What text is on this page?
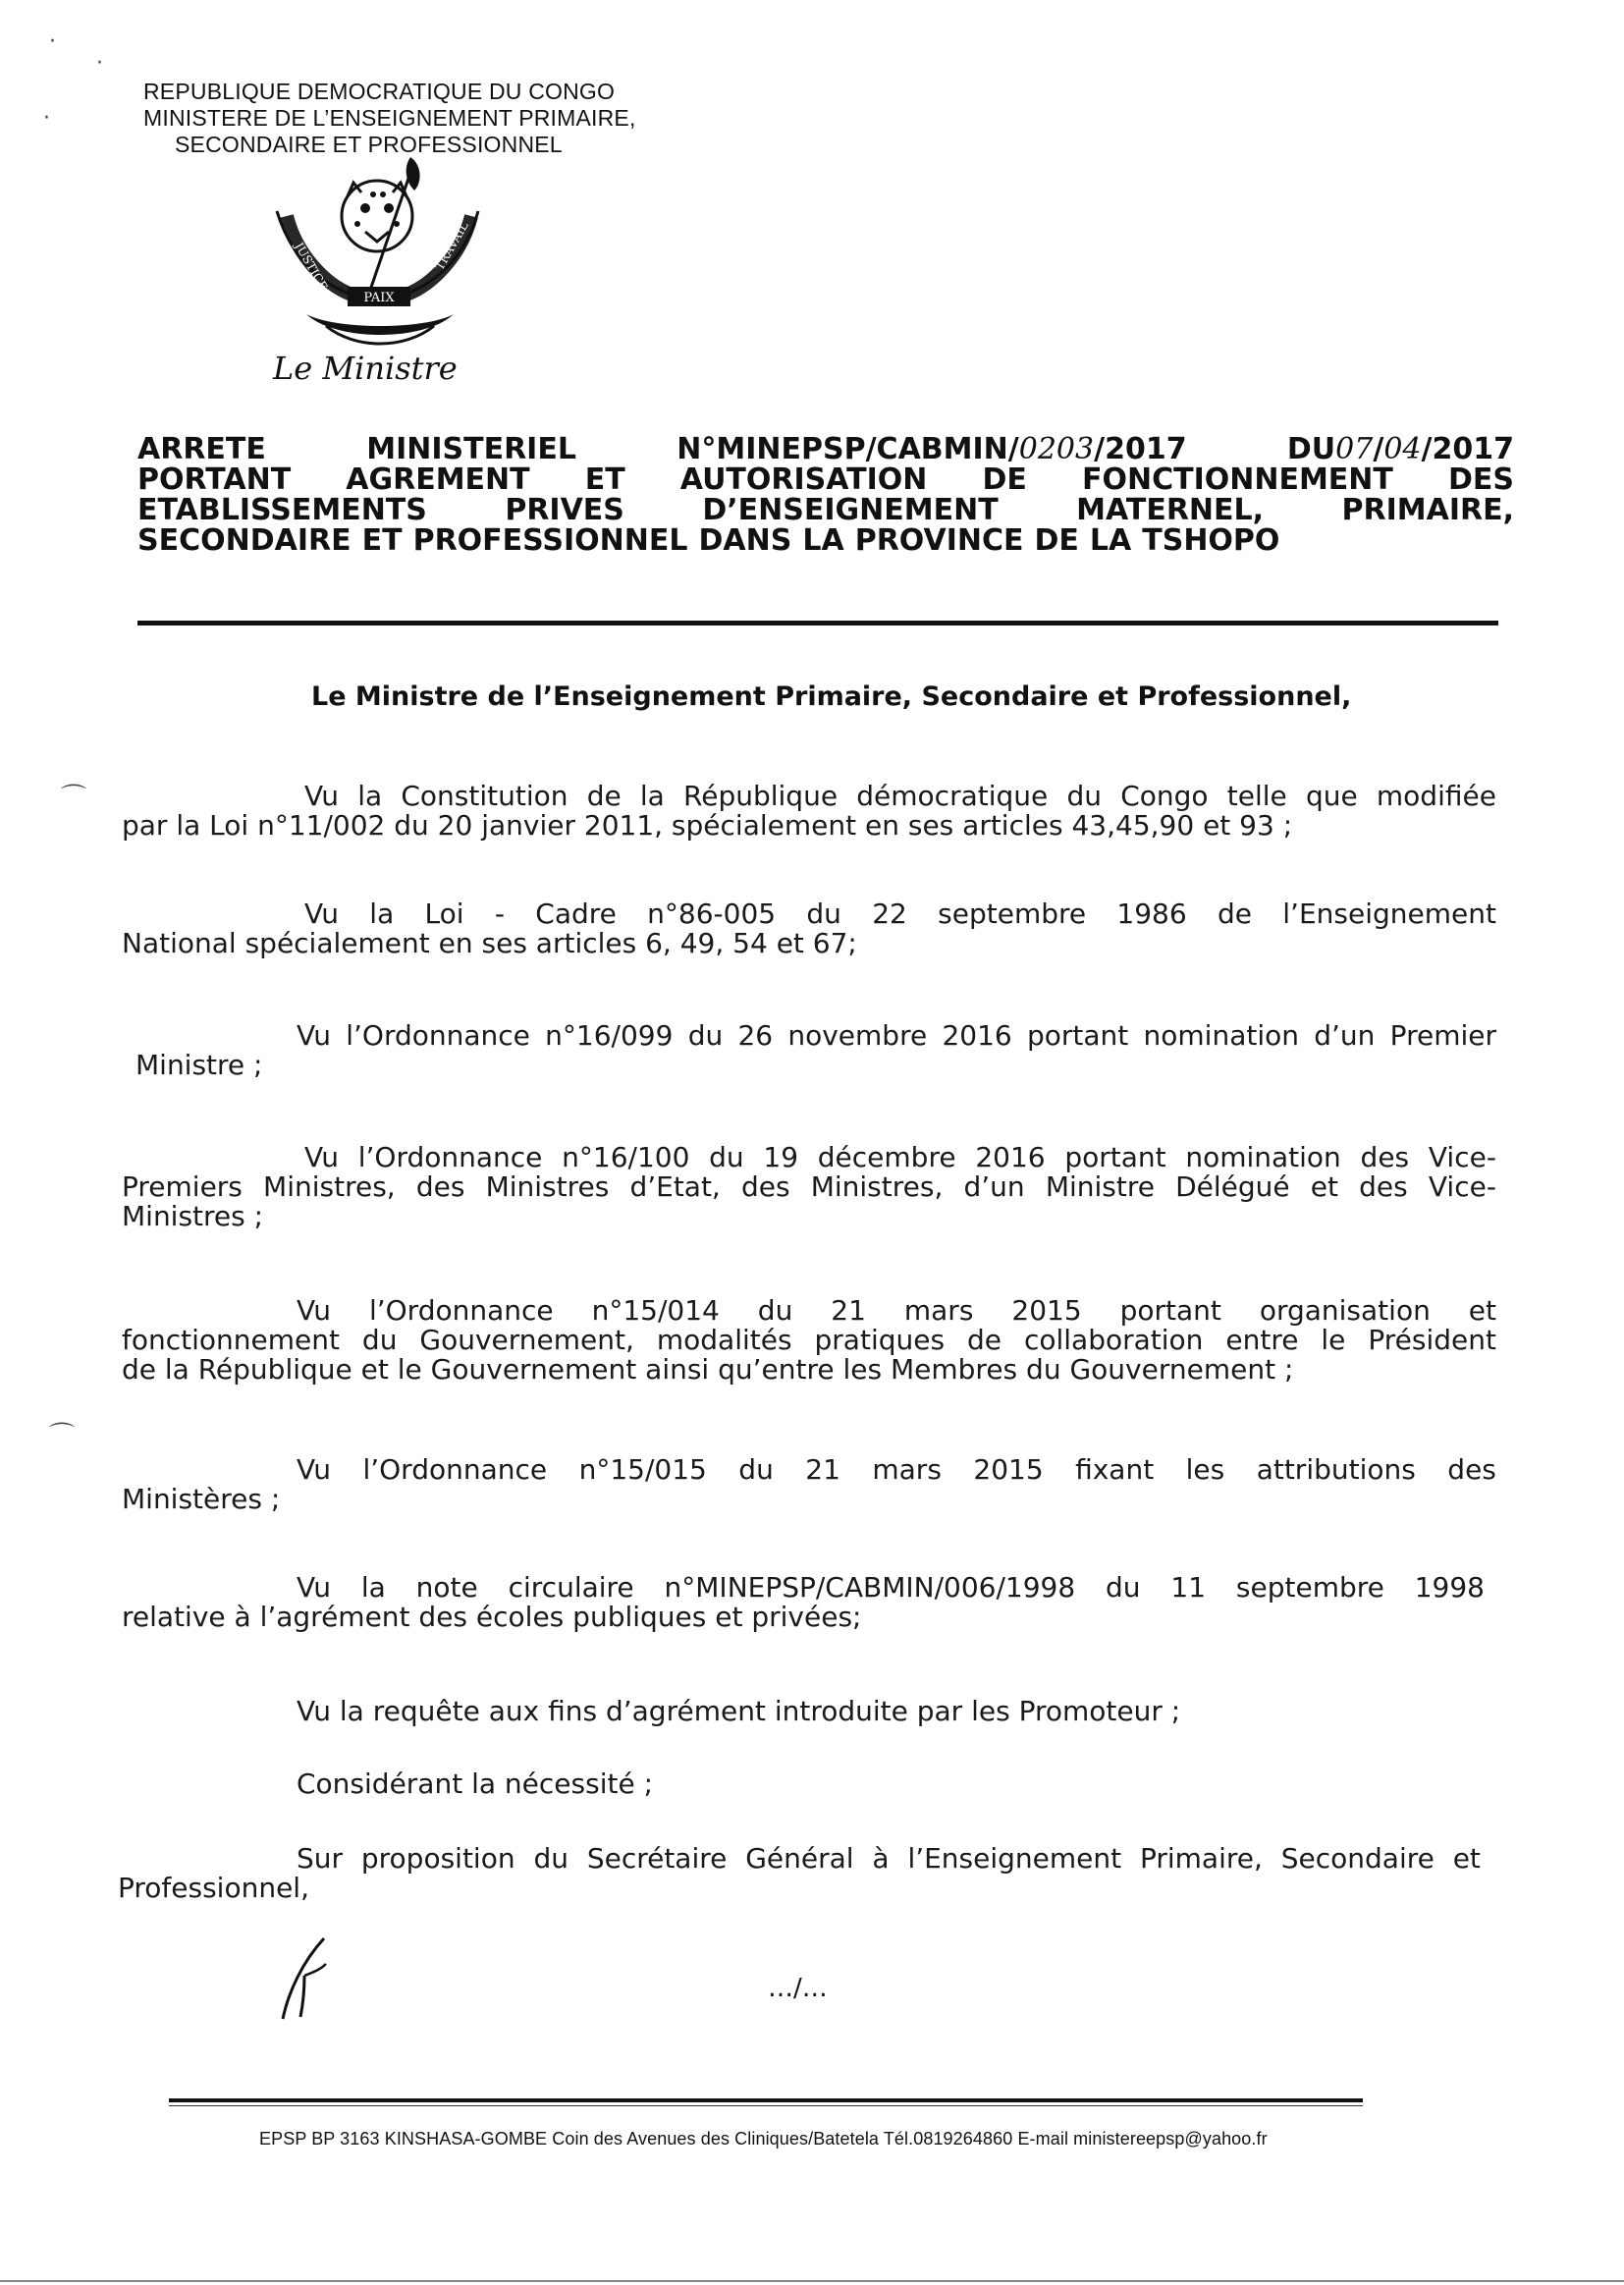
·
·
·
⌒
⌒
REPUBLIQUE DEMOCRATIQUE DU CONGO
MINISTERE DE L’ENSEIGNEMENT PRIMAIRE,
SECONDAIRE ET PROFESSIONNEL
PAIX
JUSTICE	TRAVAIL
Le Ministre
ARRETE	MINISTERIEL	N°MINEPSP/CABMIN/0203/2017	DU07/04/2017
PORTANT AGREMENT ET AUTORISATION DE FONCTIONNEMENT DES
ETABLISSEMENTS	PRIVES	D’ENSEIGNEMENT	MATERNEL,	PRIMAIRE,
SECONDAIRE ET PROFESSIONNEL DANS LA PROVINCE DE LA TSHOPO
Le Ministre de l’Enseignement Primaire, Secondaire et Professionnel,
Vu la Constitution de la République démocratique du Congo telle que modifiée
par la Loi n°11/002 du 20 janvier 2011, spécialement en ses articles 43,45,90 et 93 ;
Vu la Loi - Cadre n°86-005 du 22 septembre 1986 de l’Enseignement
National spécialement en ses articles 6, 49, 54 et 67;
Vu l’Ordonnance n°16/099 du 26 novembre 2016 portant nomination d’un Premier
Ministre ;
Vu l’Ordonnance n°16/100 du 19 décembre 2016 portant nomination des Vice-
Premiers Ministres, des Ministres d’Etat, des Ministres, d’un Ministre Délégué et des Vice-
Ministres ;
Vu l’Ordonnance n°15/014 du 21 mars 2015 portant organisation et
fonctionnement du Gouvernement, modalités pratiques de collaboration entre le Président
de la République et le Gouvernement ainsi qu’entre les Membres du Gouvernement ;
Vu l’Ordonnance n°15/015 du 21 mars 2015 fixant les attributions des
Ministères ;
Vu la note circulaire n°MINEPSP/CABMIN/006/1998 du 11 septembre 1998
relative à l’agrément des écoles publiques et privées;
Vu la requête aux fins d’agrément introduite par les Promoteur ;
Considérant la nécessité ;
Sur proposition du Secrétaire Général à l’Enseignement Primaire, Secondaire et
Professionnel,
…/…
EPSP BP 3163 KINSHASA-GOMBE Coin des Avenues des Cliniques/Batetela Tél.0819264860 E-mail ministereepsp@yahoo.fr
